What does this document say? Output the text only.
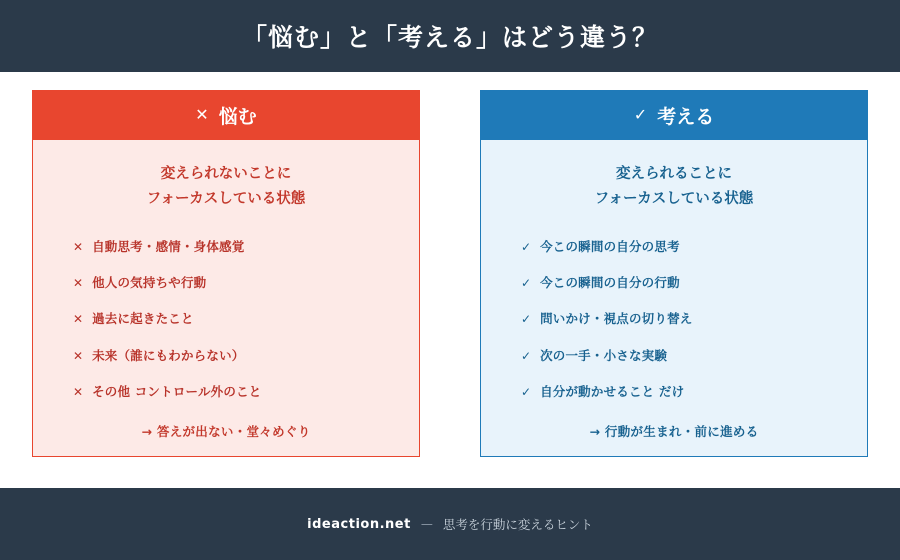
「悩む」と「考える」はどう違う？
✕ 悩む
変えられないことに
フォーカスしている状態
✕ 自動思考・感情・身体感覚
✕ 他人の気持ちや行動
✕ 過去に起きたこと
✕ 未来（誰にもわからない）
✕ その他 コントロール外のこと
→ 答えが出ない・堂々めぐり
✓ 考える
変えられることに
フォーカスしている状態
✓ 今この瞬間の自分の思考
✓ 今この瞬間の自分の行動
✓ 問いかけ・視点の切り替え
✓ 次の一手・小さな実験
✓ 自分が動かせること だけ
→ 行動が生まれ・前に進める
ideaction.net — 思考を行動に変えるヒント
